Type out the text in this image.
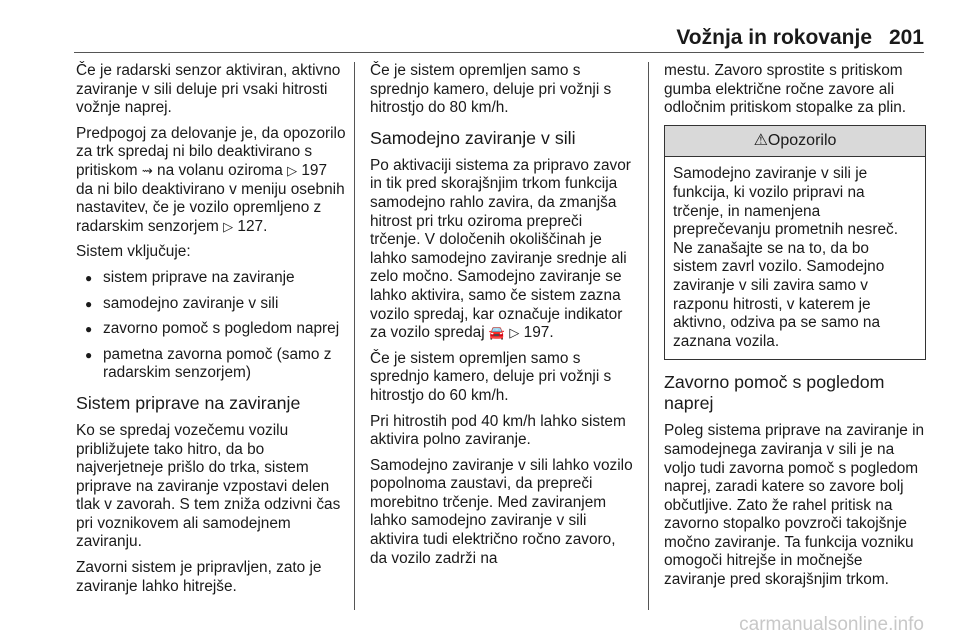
Vožnja in rokovanje 201

Če je radarski senzor aktiviran, aktivno zaviranje v sili deluje pri vsaki hitrosti vožnje naprej.

Predpogoj za delovanje je, da opozorilo za trk spredaj ni bilo deaktivirano s pritiskom ⇝ na volanu oziroma ▷ 197 da ni bilo deaktivirano v meniju osebnih nastavitev, če je vozilo opremljeno z radarskim senzorjem ▷ 127.

Sistem vključuje:

● sistem priprave na zaviranje
● samodejno zaviranje v sili
● zavorno pomoč s pogledom naprej
● pametna zavorna pomoč (samo z radarskim senzorjem)
Sistem priprave na zaviranje

Ko se spredaj vozečemu vozilu približujete tako hitro, da bo najverjetneje prišlo do trka, sistem priprave na zaviranje vzpostavi delen tlak v zavorah. S tem zniža odzivni čas pri voznikovem ali samodejnem zaviranju.

Zavorni sistem je pripravljen, zato je zaviranje lahko hitrejše.

Če je sistem opremljen samo s sprednjo kamero, deluje pri vožnji s hitrostjo do 80 km/h.

Samodejno zaviranje v sili

Po aktivaciji sistema za pripravo zavor in tik pred skorajšnjim trkom funkcija samodejno rahlo zavira, da zmanjša hitrost pri trku oziroma prepreči trčenje. V določenih okoliščinah je lahko samodejno zaviranje srednje ali zelo močno. Samodejno zaviranje se lahko aktivira, samo če sistem zazna vozilo spredaj, kar označuje indikator za vozilo spredaj 🚘 ▷ 197.

Če je sistem opremljen samo s sprednjo kamero, deluje pri vožnji s hitrostjo do 60 km/h.

Pri hitrostih pod 40 km/h lahko sistem aktivira polno zaviranje.

Samodejno zaviranje v sili lahko vozilo popolnoma zaustavi, da prepreči morebitno trčenje. Med zaviranjem lahko samodejno zaviranje v sili aktivira tudi električno ročno zavoro, da vozilo zadrži na

mestu. Zavoro sprostite s pritiskom gumba električne ročne zavore ali odločnim pritiskom stopalke za plin.

⚠Opozorilo
Samodejno zaviranje v sili je funkcija, ki vozilo pripravi na trčenje, in namenjena preprečevanju prometnih nesreč. Ne zanašajte se na to, da bo sistem zavrl vozilo. Samodejno zaviranje v sili zavira samo v razponu hitrosti, v katerem je aktivno, odziva pa se samo na zaznana vozila.
Zavorno pomoč s pogledom naprej

Poleg sistema priprave na zaviranje in samodejnega zaviranja v sili je na voljo tudi zavorna pomoč s pogledom naprej, zaradi katere so zavore bolj občutljive. Zato že rahel pritisk na zavorno stopalko povzroči takojšnje močno zaviranje. Ta funkcija vozniku omogoči hitrejše in močnejše zaviranje pred skorajšnjim trkom.

carmanualsonline.info
